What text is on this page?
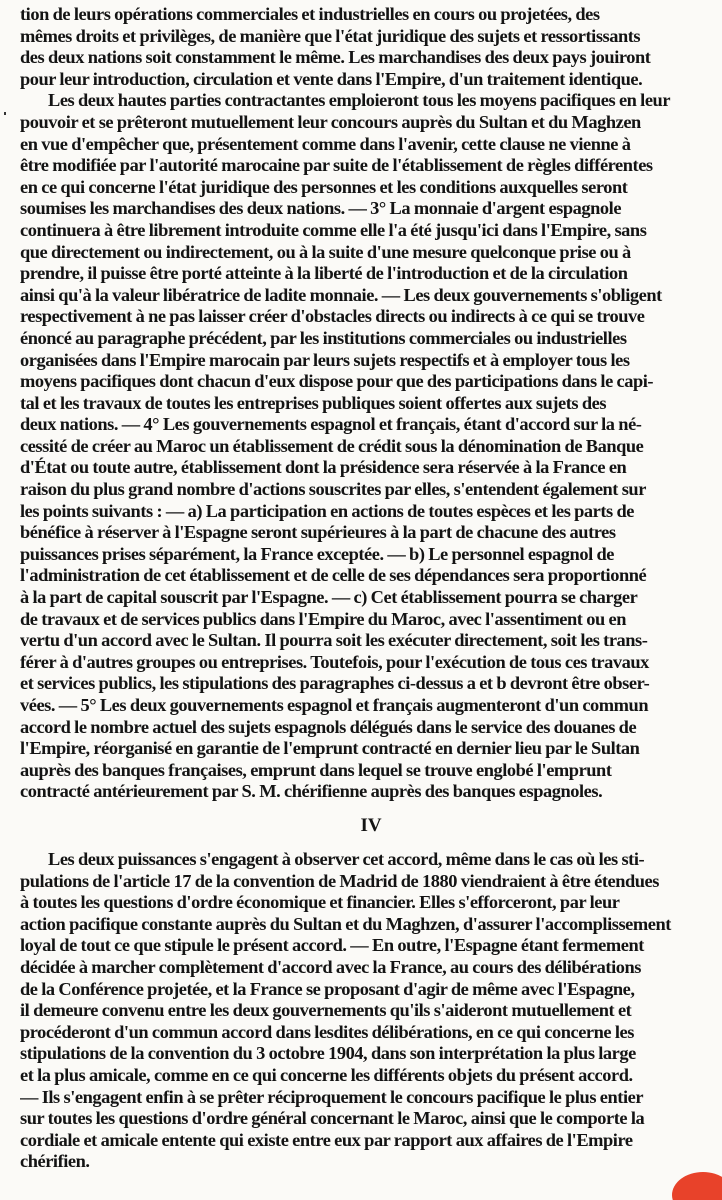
tion de leurs opérations commerciales et industrielles en cours ou projetées, des
mêmes droits et privilèges, de manière que l'état juridique des sujets et ressortissants
des deux nations soit constamment le même. Les marchandises des deux pays jouiront
pour leur introduction, circulation et vente dans l'Empire, d'un traitement identique.
Les deux hautes parties contractantes emploieront tous les moyens pacifiques en leur
pouvoir et se prêteront mutuellement leur concours auprès du Sultan et du Maghzen
en vue d'empêcher que, présentement comme dans l'avenir, cette clause ne vienne à
être modifiée par l'autorité marocaine par suite de l'établissement de règles différentes
en ce qui concerne l'état juridique des personnes et les conditions auxquelles seront
soumises les marchandises des deux nations. — 3° La monnaie d'argent espagnole
continuera à être librement introduite comme elle l'a été jusqu'ici dans l'Empire, sans
que directement ou indirectement, ou à la suite d'une mesure quelconque prise ou à
prendre, il puisse être porté atteinte à la liberté de l'introduction et de la circulation
ainsi qu'à la valeur libératrice de ladite monnaie. — Les deux gouvernements s'obligent
respectivement à ne pas laisser créer d'obstacles directs ou indirects à ce qui se trouve
énoncé au paragraphe précédent, par les institutions commerciales ou industrielles
organisées dans l'Empire marocain par leurs sujets respectifs et à employer tous les
moyens pacifiques dont chacun d'eux dispose pour que des participations dans le capi-
tal et les travaux de toutes les entreprises publiques soient offertes aux sujets des
deux nations. — 4° Les gouvernements espagnol et français, étant d'accord sur la né-
cessité de créer au Maroc un établissement de crédit sous la dénomination de Banque
d'État ou toute autre, établissement dont la présidence sera réservée à la France en
raison du plus grand nombre d'actions souscrites par elles, s'entendent également sur
les points suivants : — a) La participation en actions de toutes espèces et les parts de
bénéfice à réserver à l'Espagne seront supérieures à la part de chacune des autres
puissances prises séparément, la France exceptée. — b) Le personnel espagnol de
l'administration de cet établissement et de celle de ses dépendances sera proportionné
à la part de capital souscrit par l'Espagne. — c) Cet établissement pourra se charger
de travaux et de services publics dans l'Empire du Maroc, avec l'assentiment ou en
vertu d'un accord avec le Sultan. Il pourra soit les exécuter directement, soit les trans-
férer à d'autres groupes ou entreprises. Toutefois, pour l'exécution de tous ces travaux
et services publics, les stipulations des paragraphes ci-dessus a et b devront être obser-
vées. — 5° Les deux gouvernements espagnol et français augmenteront d'un commun
accord le nombre actuel des sujets espagnols délégués dans le service des douanes de
l'Empire, réorganisé en garantie de l'emprunt contracté en dernier lieu par le Sultan
auprès des banques françaises, emprunt dans lequel se trouve englobé l'emprunt
contracté antérieurement par S. M. chérifienne auprès des banques espagnoles.
IV
Les deux puissances s'engagent à observer cet accord, même dans le cas où les sti-
pulations de l'article 17 de la convention de Madrid de 1880 viendraient à être étendues
à toutes les questions d'ordre économique et financier. Elles s'efforceront, par leur
action pacifique constante auprès du Sultan et du Maghzen, d'assurer l'accomplissement
loyal de tout ce que stipule le présent accord. — En outre, l'Espagne étant fermement
décidée à marcher complètement d'accord avec la France, au cours des délibérations
de la Conférence projetée, et la France se proposant d'agir de même avec l'Espagne,
il demeure convenu entre les deux gouvernements qu'ils s'aideront mutuellement et
procéderont d'un commun accord dans lesdites délibérations, en ce qui concerne les
stipulations de la convention du 3 octobre 1904, dans son interprétation la plus large
et la plus amicale, comme en ce qui concerne les différents objets du présent accord.
— Ils s'engagent enfin à se prêter réciproquement le concours pacifique le plus entier
sur toutes les questions d'ordre général concernant le Maroc, ainsi que le comporte la
cordiale et amicale entente qui existe entre eux par rapport aux affaires de l'Empire
chérifien.
